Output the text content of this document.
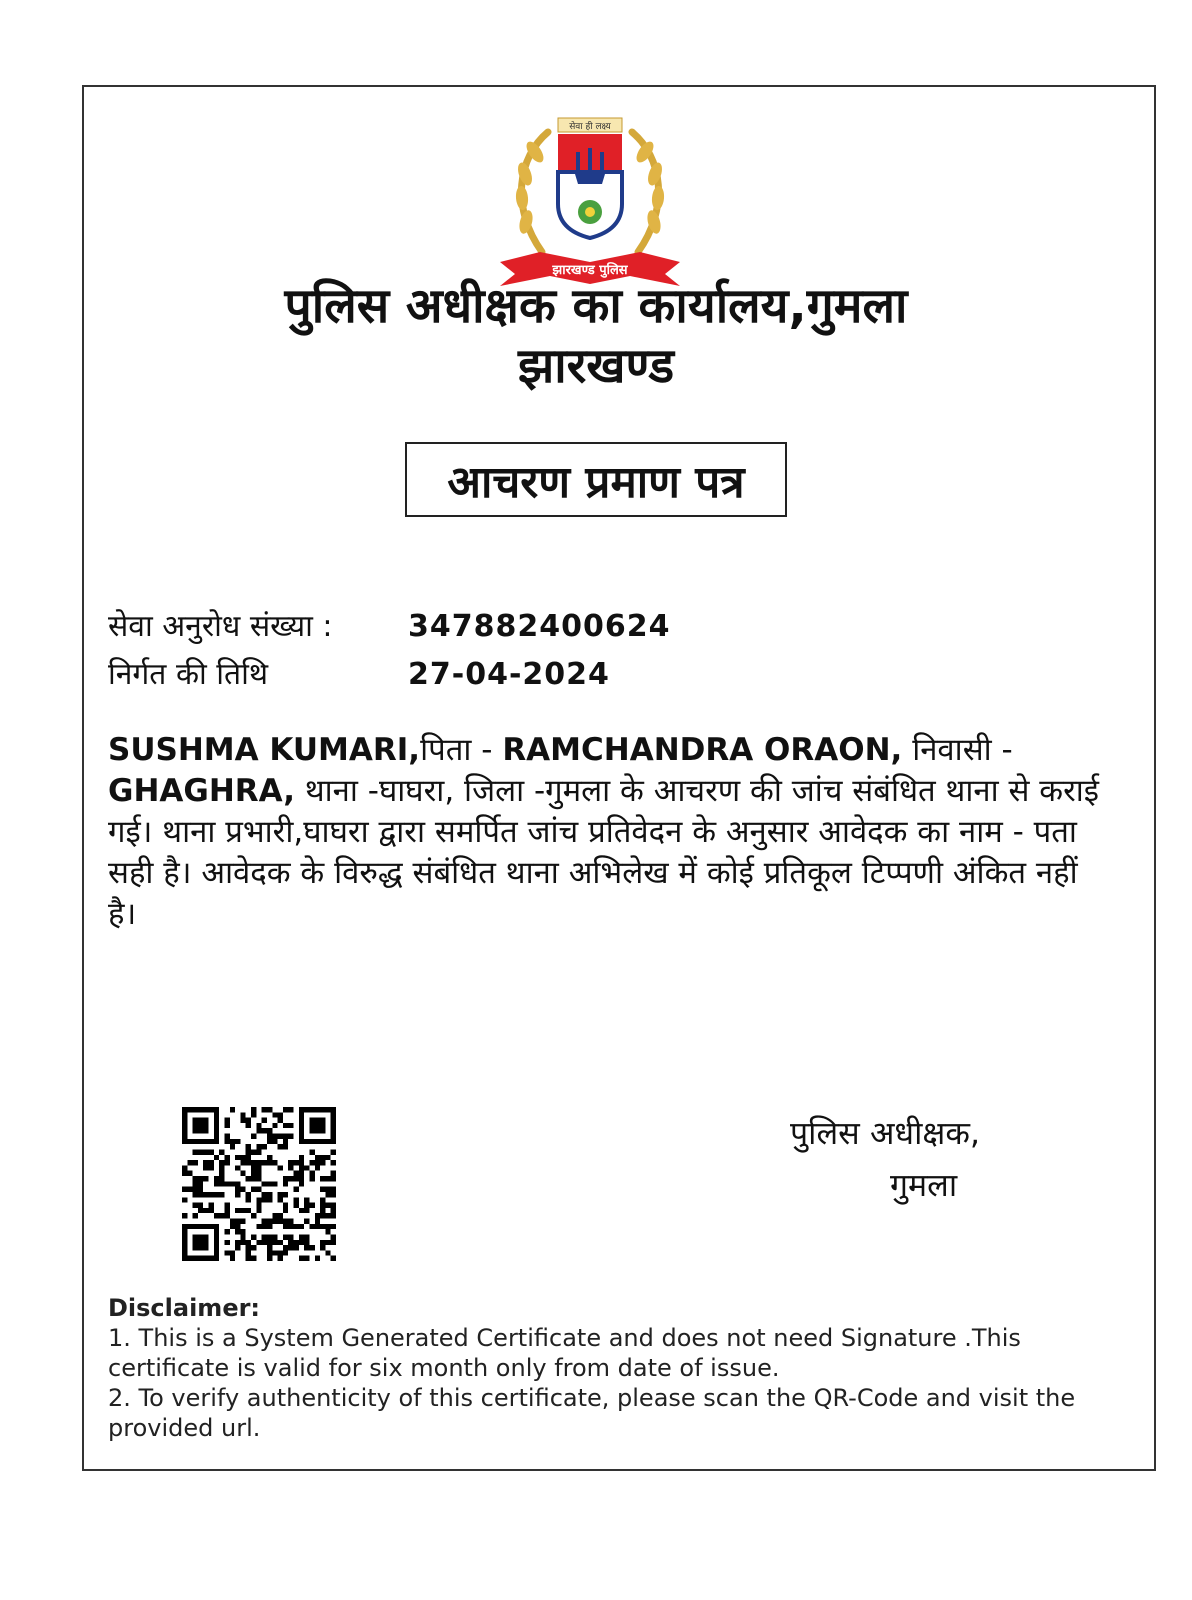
सेवा ही लक्ष्य
झारखण्ड पुलिस
पुलिस अधीक्षक का कार्यालय,गुमला
झारखण्ड
आचरण प्रमाण पत्र
सेवा अनुरोध संख्या :	347882400624
निर्गत की तिथि	27-04-2024
SUSHMA KUMARI,पिता - RAMCHANDRA ORAON, निवासी - GHAGHRA, थाना -घाघरा, जिला -गुमला के आचरण की जांच संबंधित थाना से कराई गई। थाना प्रभारी,घाघरा द्वारा समर्पित जांच प्रतिवेदन के अनुसार आवेदक का नाम - पता सही है। आवेदक के विरुद्ध संबंधित थाना अभिलेख में कोई प्रतिकूल टिप्पणी अंकित नहीं है।
पुलिस अधीक्षक,
गुमला
Disclaimer:
1. This is a System Generated Certificate and does not need Signature .This certificate is valid for six month only from date of issue.
2. To verify authenticity of this certificate, please scan the QR-Code and visit the provided url.
